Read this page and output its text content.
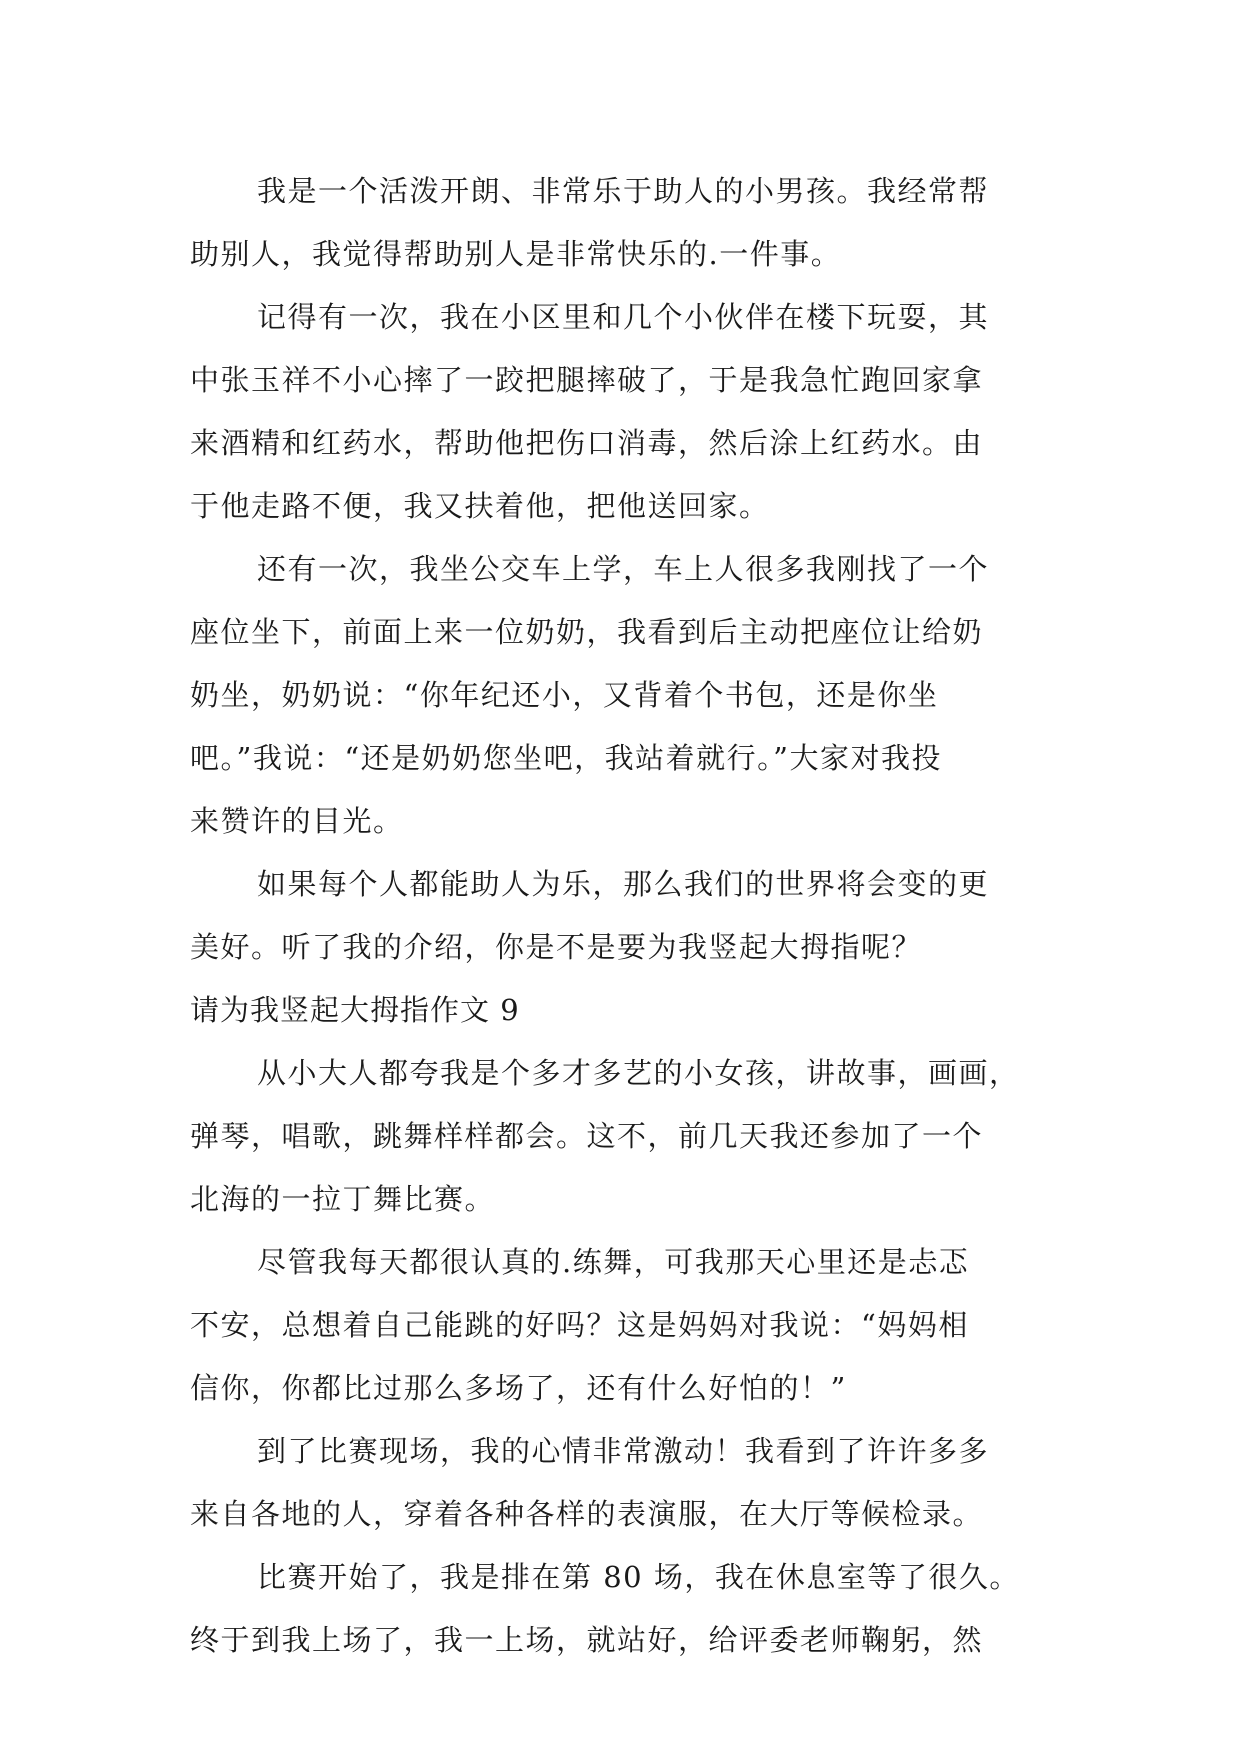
我是一个活泼开朗、非常乐于助人的小男孩。我经常帮
助别人，我觉得帮助别人是非常快乐的.一件事。
记得有一次，我在小区里和几个小伙伴在楼下玩耍，其
中张玉祥不小心摔了一跤把腿摔破了，于是我急忙跑回家拿
来酒精和红药水，帮助他把伤口消毒，然后涂上红药水。由
于他走路不便，我又扶着他，把他送回家。
还有一次，我坐公交车上学，车上人很多我刚找了一个
座位坐下，前面上来一位奶奶，我看到后主动把座位让给奶
奶坐，奶奶说：“你年纪还小，又背着个书包，还是你坐
吧。”我说：“还是奶奶您坐吧，我站着就行。”大家对我投
来赞许的目光。
如果每个人都能助人为乐，那么我们的世界将会变的更
美好。听了我的介绍，你是不是要为我竖起大拇指呢？
请为我竖起大拇指作文 9
从小大人都夸我是个多才多艺的小女孩，讲故事，画画，
弹琴，唱歌，跳舞样样都会。这不，前几天我还参加了一个
北海的一拉丁舞比赛。
尽管我每天都很认真的.练舞，可我那天心里还是忐忑
不安，总想着自己能跳的好吗？这是妈妈对我说：“妈妈相
信你，你都比过那么多场了，还有什么好怕的！”
到了比赛现场，我的心情非常激动！我看到了许许多多
来自各地的人，穿着各种各样的表演服，在大厅等候检录。
比赛开始了，我是排在第 80 场，我在休息室等了很久。
终于到我上场了，我一上场，就站好，给评委老师鞠躬，然
